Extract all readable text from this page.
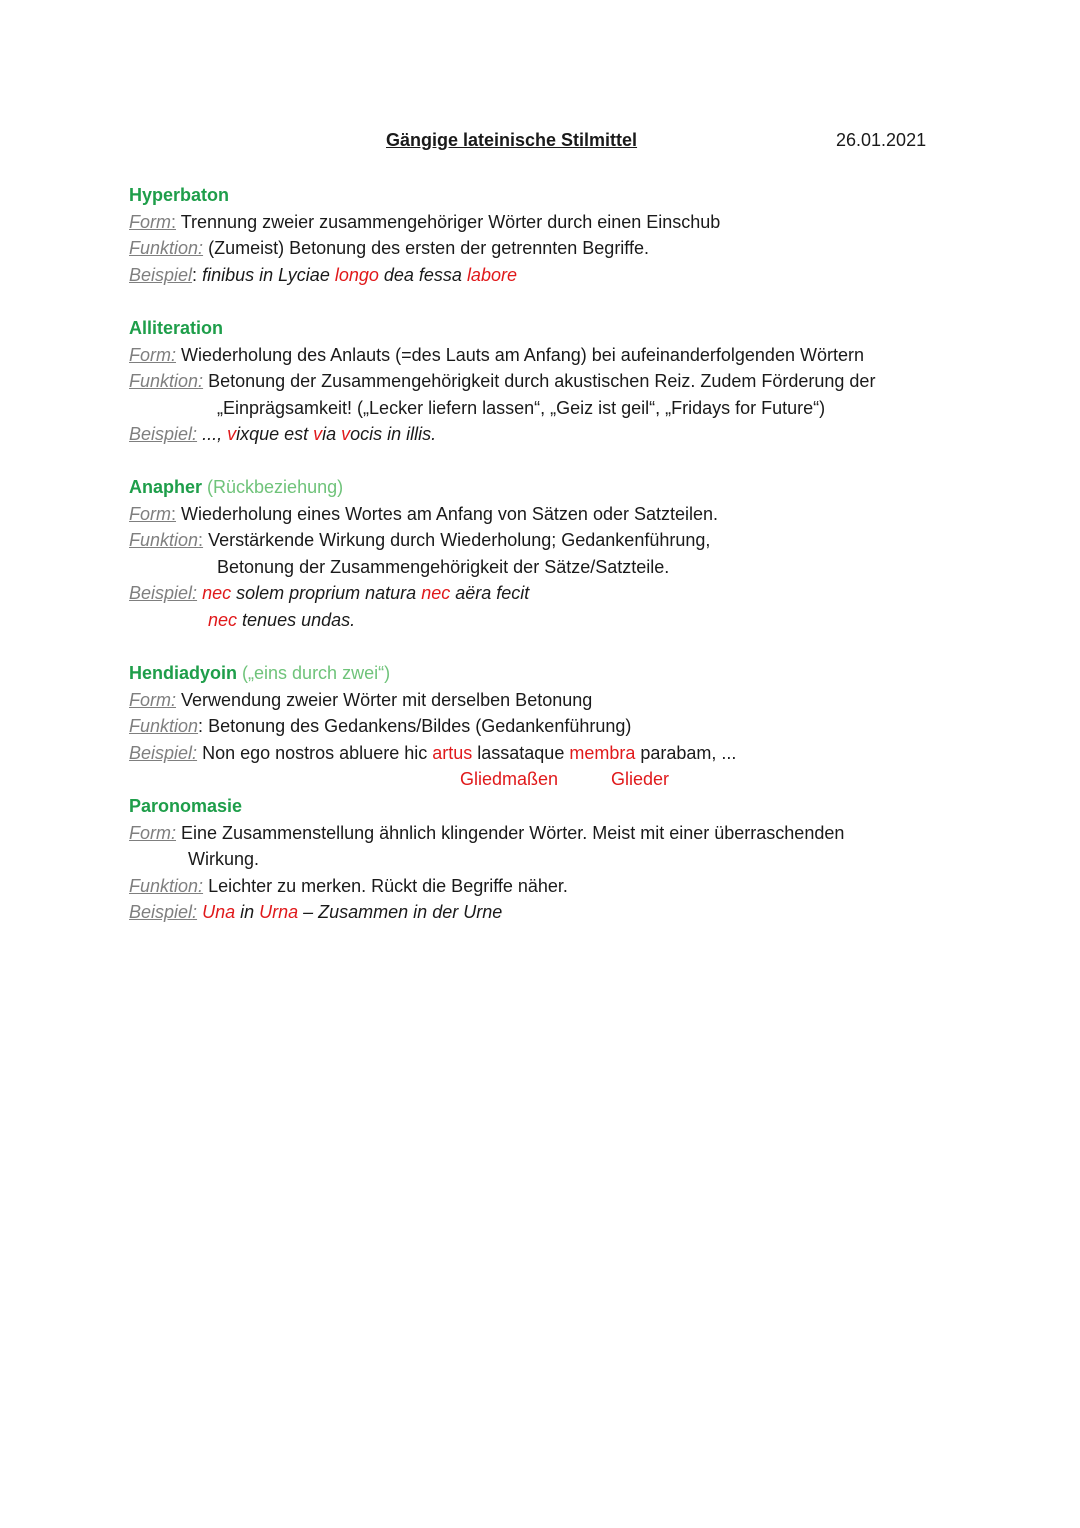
Gängige lateinische Stilmittel	26.01.2021
Hyperbaton
Form: Trennung zweier zusammengehöriger Wörter durch einen Einschub
Funktion: (Zumeist) Betonung des ersten der getrennten Begriffe.
Beispiel: finibus in Lyciae longo dea fessa labore
Alliteration
Form: Wiederholung des Anlauts (=des Lauts am Anfang) bei aufeinanderfolgenden Wörtern
Funktion: Betonung der Zusammengehörigkeit durch akustischen Reiz. Zudem Förderung der
„Einprägsamkeit! („Lecker liefern lassen“, „Geiz ist geil“, „Fridays for Future“)
Beispiel: ..., vixque est via vocis in illis.
Anapher (Rückbeziehung)
Form: Wiederholung eines Wortes am Anfang von Sätzen oder Satzteilen.
Funktion: Verstärkende Wirkung durch Wiederholung; Gedankenführung,
Betonung der Zusammengehörigkeit der Sätze/Satzteile.
Beispiel: nec solem proprium natura nec aëra fecit
nec tenues undas.
Hendiadyoin („eins durch zwei“)
Form: Verwendung zweier Wörter mit derselben Betonung
Funktion: Betonung des Gedankens/Bildes (Gedankenführung)
Beispiel: Non ego nostros abluere hic artus lassataque membra parabam, ...
Gliedmaßen	Glieder
Paronomasie
Form: Eine Zusammenstellung ähnlich klingender Wörter. Meist mit einer überraschenden
Wirkung.
Funktion: Leichter zu merken. Rückt die Begriffe näher.
Beispiel: Una in Urna – Zusammen in der Urne
